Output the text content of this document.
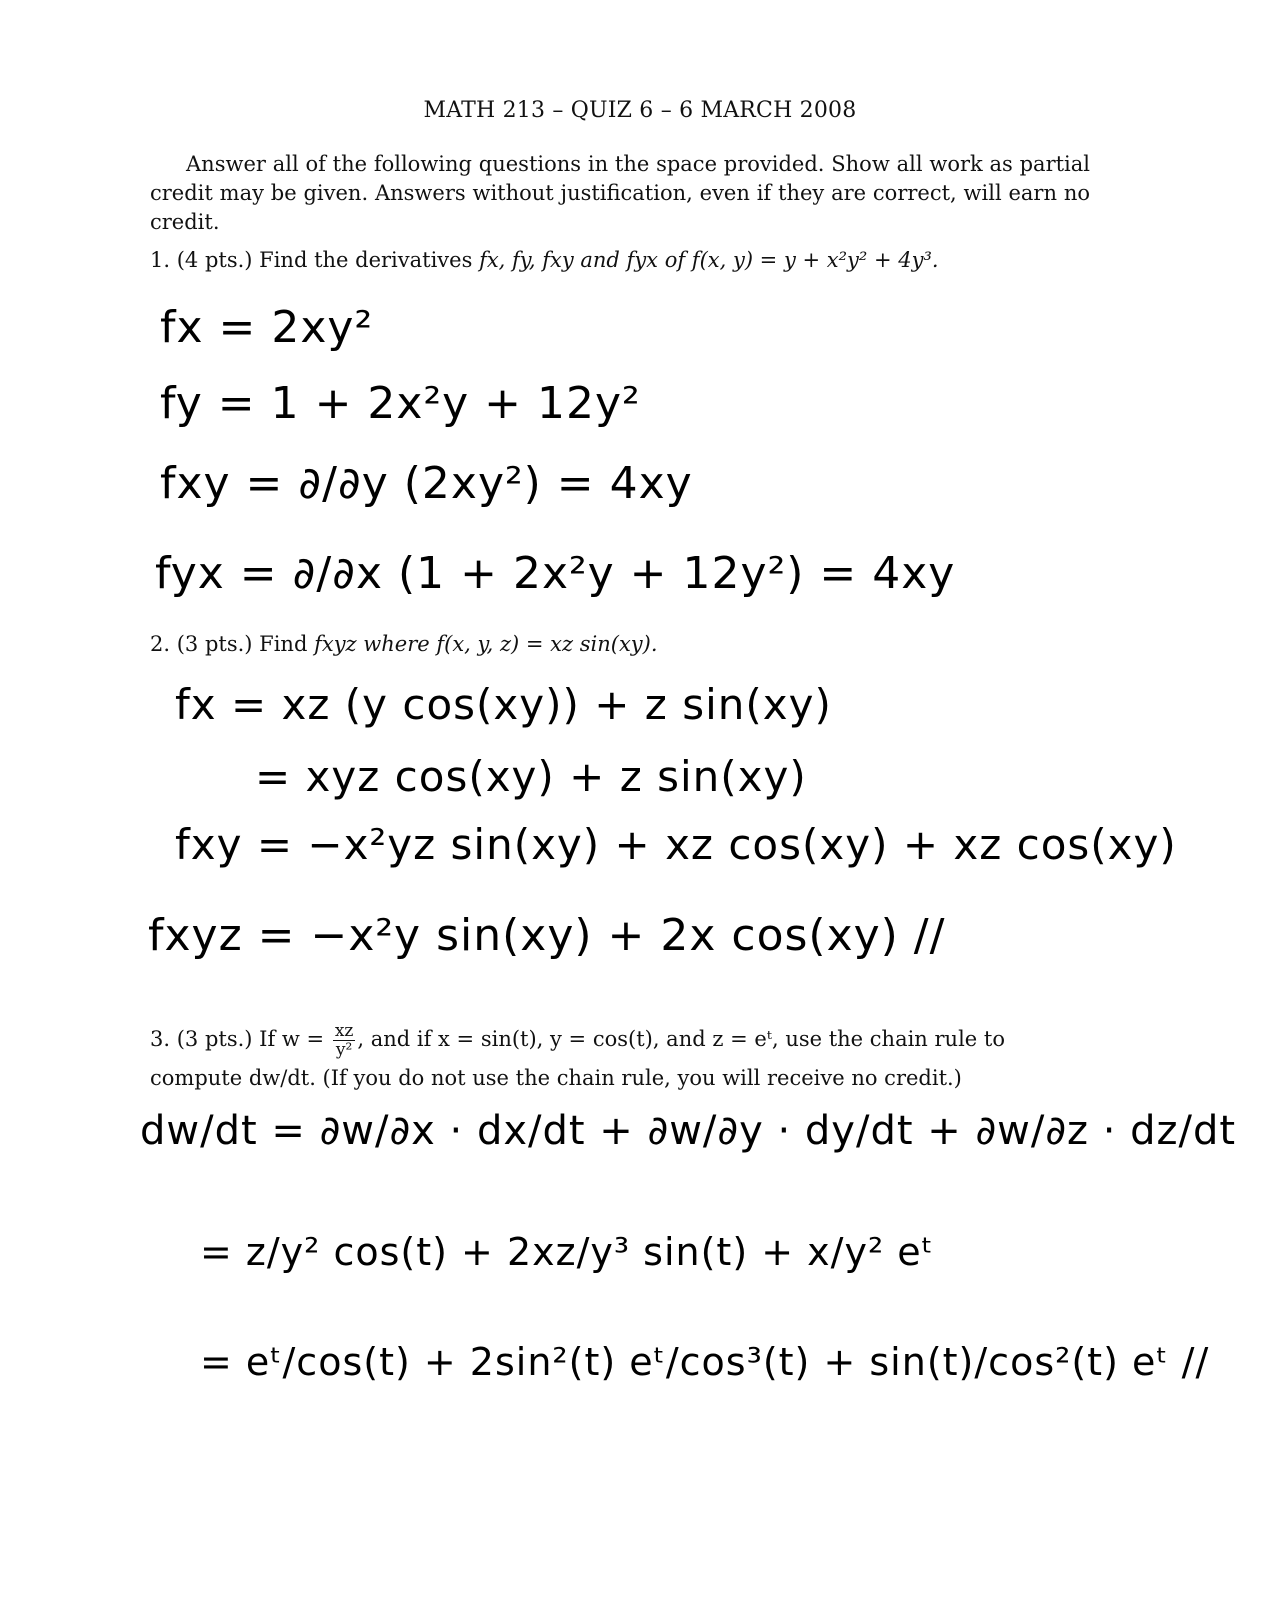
MATH 213 – QUIZ 6 – 6 MARCH 2008
Answer all of the following questions in the space provided. Show all work as partial credit may be given. Answers without justification, even if they are correct, will earn no credit.
1. (4 pts.) Find the derivatives fx, fy, fxy and fyx of f(x, y) = y + x²y² + 4y³.
fx = 2xy²
fy = 1 + 2x²y + 12y²
fxy = ∂/∂y (2xy²) = 4xy
fyx = ∂/∂x (1 + 2x²y + 12y²) = 4xy
2. (3 pts.) Find fxyz where f(x, y, z) = xz sin(xy).
fx = xz (y cos(xy)) + z sin(xy)
= xyz cos(xy) + z sin(xy)
fxy = −x²yz sin(xy) + xz cos(xy) + xz cos(xy)
fxyz = −x²y sin(xy) + 2x cos(xy) //
3. (3 pts.) If $w = \frac{xz}{\text{y²}}$ , and if x = sin(t), y = cos(t), and z = eᵗ, use the chain rule to compute dw/dt. (If you do not use the chain rule, you will receive no credit.)
dw/dt = ∂w/∂x · dx/dt + ∂w/∂y · dy/dt + ∂w/∂z · dz/dt
= z/y² cos(t) + 2xz/y³ sin(t) + x/y² eᵗ
= eᵗ/cos(t) + 2sin²(t) eᵗ/cos³(t) + sin(t)/cos²(t) eᵗ //
